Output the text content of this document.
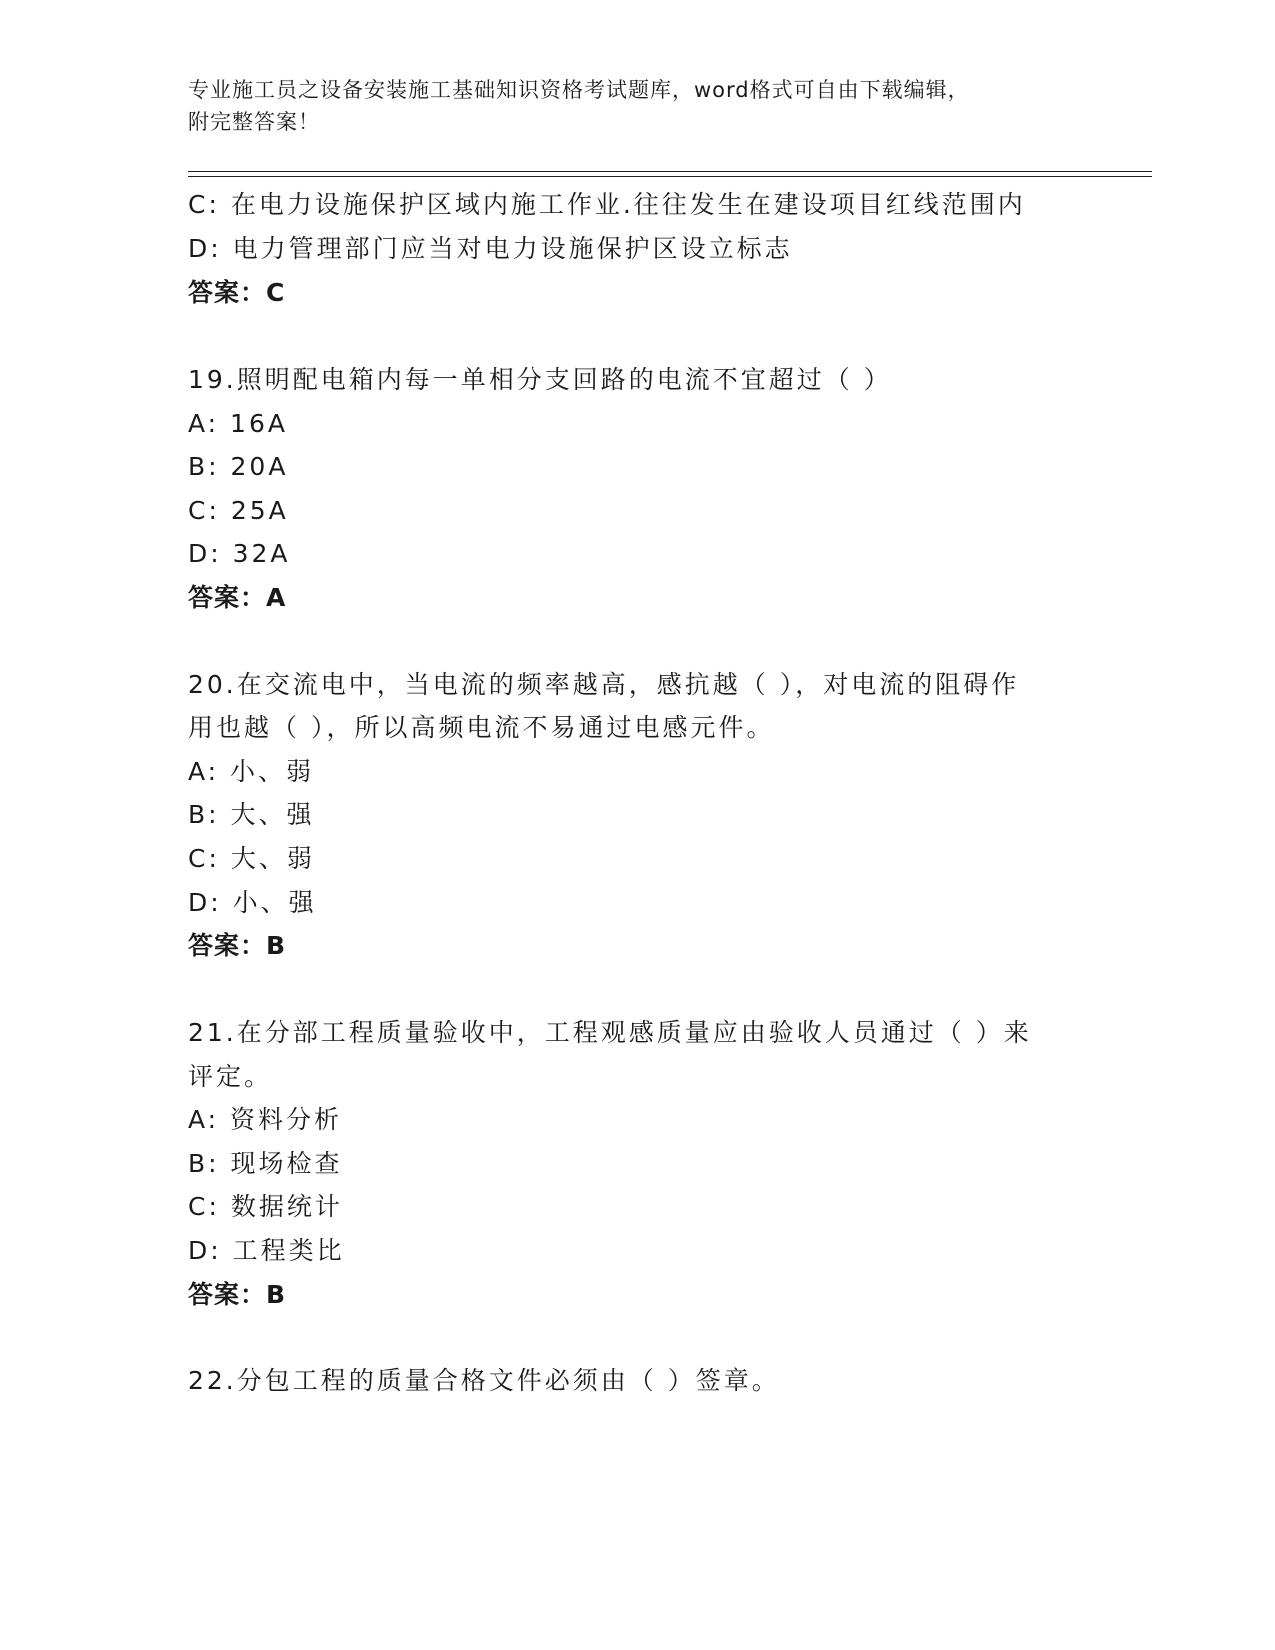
专业施工员之设备安装施工基础知识资格考试题库，word格式可自由下载编辑，
附完整答案！
C: 在电力设施保护区域内施工作业.往往发生在建设项目红线范围内
D: 电力管理部门应当对电力设施保护区设立标志
答案：C
19.照明配电箱内每一单相分支回路的电流不宜超过（ ）
A: 16A
B: 20A
C: 25A
D: 32A
答案：A
20.在交流电中，当电流的频率越高，感抗越（ ），对电流的阻碍作
用也越（ ），所以高频电流不易通过电感元件。
A: 小、弱
B: 大、强
C: 大、弱
D: 小、强
答案：B
21.在分部工程质量验收中，工程观感质量应由验收人员通过（ ）来
评定。
A: 资料分析
B: 现场检查
C: 数据统计
D: 工程类比
答案：B
22.分包工程的质量合格文件必须由（ ）签章。
